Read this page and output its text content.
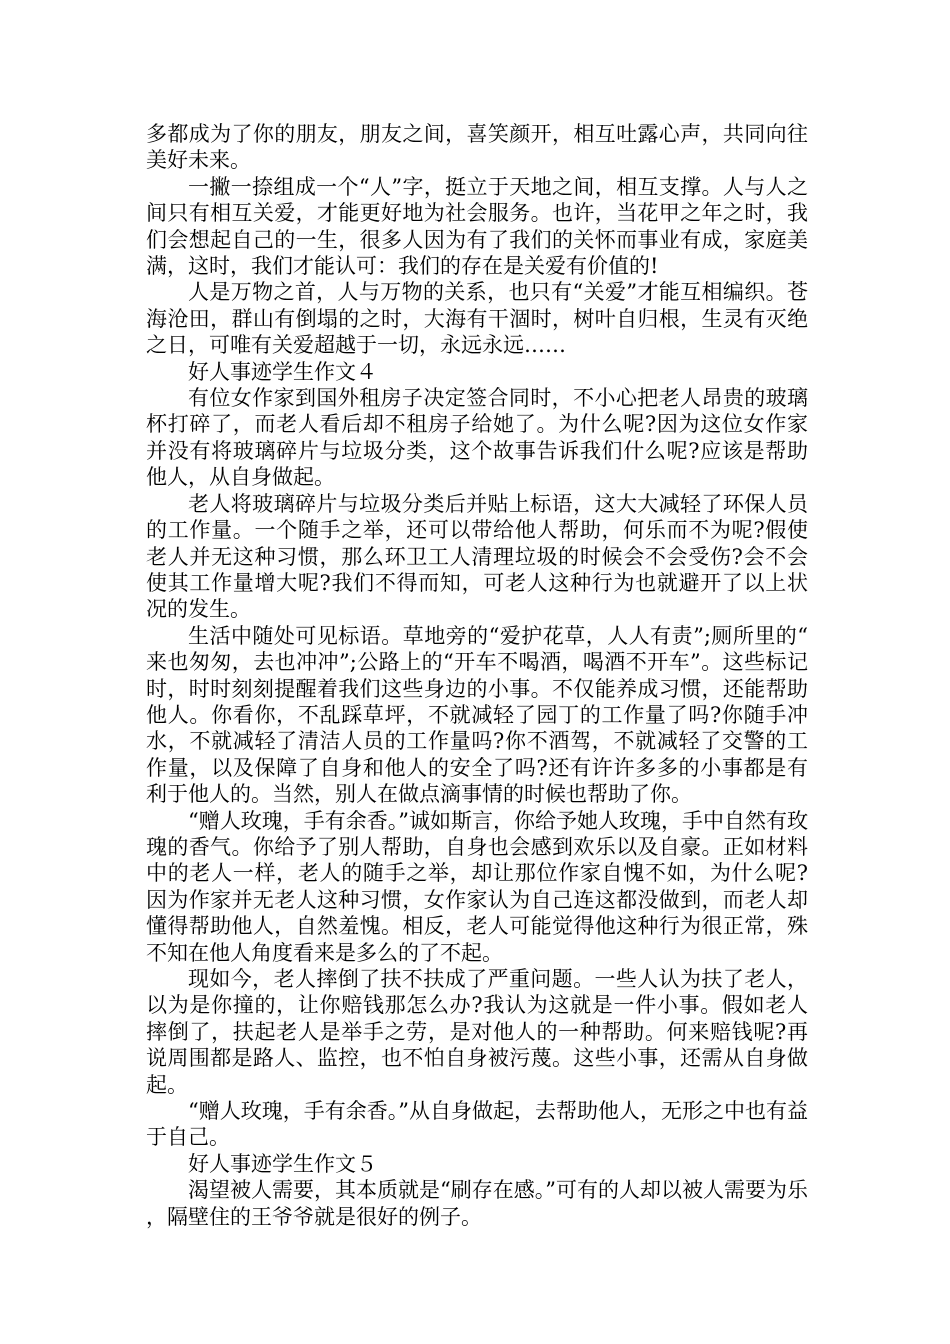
多都成为了你的朋友，朋友之间，喜笑颜开，相互吐露心声，共同向往美好未来。

一撇一捺组成一个“人”字，挺立于天地之间，相互支撑。人与人之间只有相互关爱，才能更好地为社会服务。也许，当花甲之年之时，我们会想起自己的一生，很多人因为有了我们的关怀而事业有成，家庭美满，这时，我们才能认可：我们的存在是关爱有价值的!

人是万物之首，人与万物的关系，也只有“关爱”才能互相编织。苍海沧田，群山有倒塌的之时，大海有干涸时，树叶自归根，生灵有灭绝之日，可唯有关爱超越于一切，永远永远……

好人事迹学生作文４

有位女作家到国外租房子决定签合同时，不小心把老人昂贵的玻璃杯打碎了，而老人看后却不租房子给她了。为什么呢?因为这位女作家并没有将玻璃碎片与垃圾分类，这个故事告诉我们什么呢?应该是帮助他人，从自身做起。

老人将玻璃碎片与垃圾分类后并贴上标语，这大大减轻了环保人员的工作量。一个随手之举，还可以带给他人帮助，何乐而不为呢?假使老人并无这种习惯，那么环卫工人清理垃圾的时候会不会受伤?会不会使其工作量增大呢?我们不得而知，可老人这种行为也就避开了以上状况的发生。

生活中随处可见标语。草地旁的“爱护花草，人人有责”;厕所里的“来也匆匆，去也冲冲”;公路上的“开车不喝酒，喝酒不开车”。这些标记时，时时刻刻提醒着我们这些身边的小事。不仅能养成习惯，还能帮助他人。你看你，不乱踩草坪，不就减轻了园丁的工作量了吗?你随手冲水，不就减轻了清洁人员的工作量吗?你不酒驾，不就减轻了交警的工作量，以及保障了自身和他人的安全了吗?还有许许多多的小事都是有利于他人的。当然，别人在做点滴事情的时候也帮助了你。

“赠人玫瑰，手有余香。”诚如斯言，你给予她人玫瑰，手中自然有玫瑰的香气。你给予了别人帮助，自身也会感到欢乐以及自豪。正如材料中的老人一样，老人的随手之举，却让那位作家自愧不如，为什么呢?因为作家并无老人这种习惯，女作家认为自己连这都没做到，而老人却懂得帮助他人，自然羞愧。相反，老人可能觉得他这种行为很正常，殊不知在他人角度看来是多么的了不起。

现如今，老人摔倒了扶不扶成了严重问题。一些人认为扶了老人，以为是你撞的，让你赔钱那怎么办?我认为这就是一件小事。假如老人摔倒了，扶起老人是举手之劳，是对他人的一种帮助。何来赔钱呢?再说周围都是路人、监控，也不怕自身被污蔑。这些小事，还需从自身做起。

“赠人玫瑰，手有余香。”从自身做起，去帮助他人，无形之中也有益于自己。

好人事迹学生作文５

渴望被人需要，其本质就是“刷存在感。”可有的人却以被人需要为乐，隔壁住的王爷爷就是很好的例子。
